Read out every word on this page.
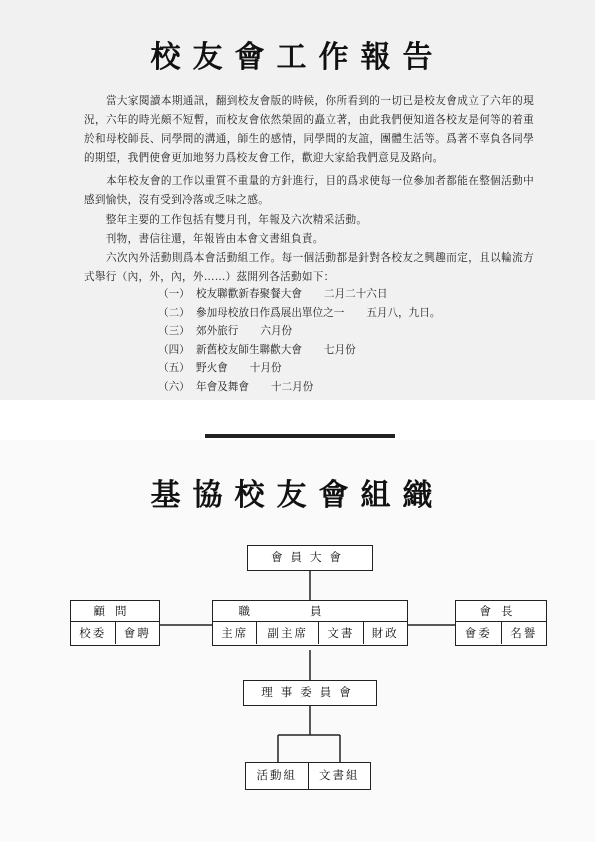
校友會工作報告
　　當大家閱讀本期通訊，翻到校友會版的時候，你所看到的一切已是校友會成立了六年的現況，六年的時光頗不短暫，而校友會依然榮固的矗立著，由此我們便知道各校友是何等的着重於和母校師長、同學間的溝通，師生的感情，同學間的友誼，團體生活等。爲著不辜負各同學的期望，我們使會更加地努力爲校友會工作，歡迎大家給我們意見及路向。
　　本年校友會的工作以重質不重量的方針進行，目的爲求使每一位參加者都能在整個活動中感到愉快，沒有受到冷落或乏味之感。
　　整年主要的工作包括有雙月刊，年報及六次精采活動。
　　刊物，書信往還，年報皆由本會文書組負責。
　　六次內外活動則爲本會活動組工作。每一個活動都是針對各校友之興趣而定，且以輪流方式舉行（內，外，內，外……）茲開列各活動如下：
（一） 校友聯歡新春聚餐大會 二月二十六日
（二） 參加母校放日作爲展出單位之一 五月八，九日。
（三） 郊外旅行 六月份
（四） 新舊校友師生聯歡大會 七月份
（五） 野火會 十月份
（六） 年會及舞會 十二月份
基協校友會組織
會員大會
顧問
校委	會聘
職員
主席	副主席	文書	財政
會長
會委	名譽
理事委員會
活動組	文書組
